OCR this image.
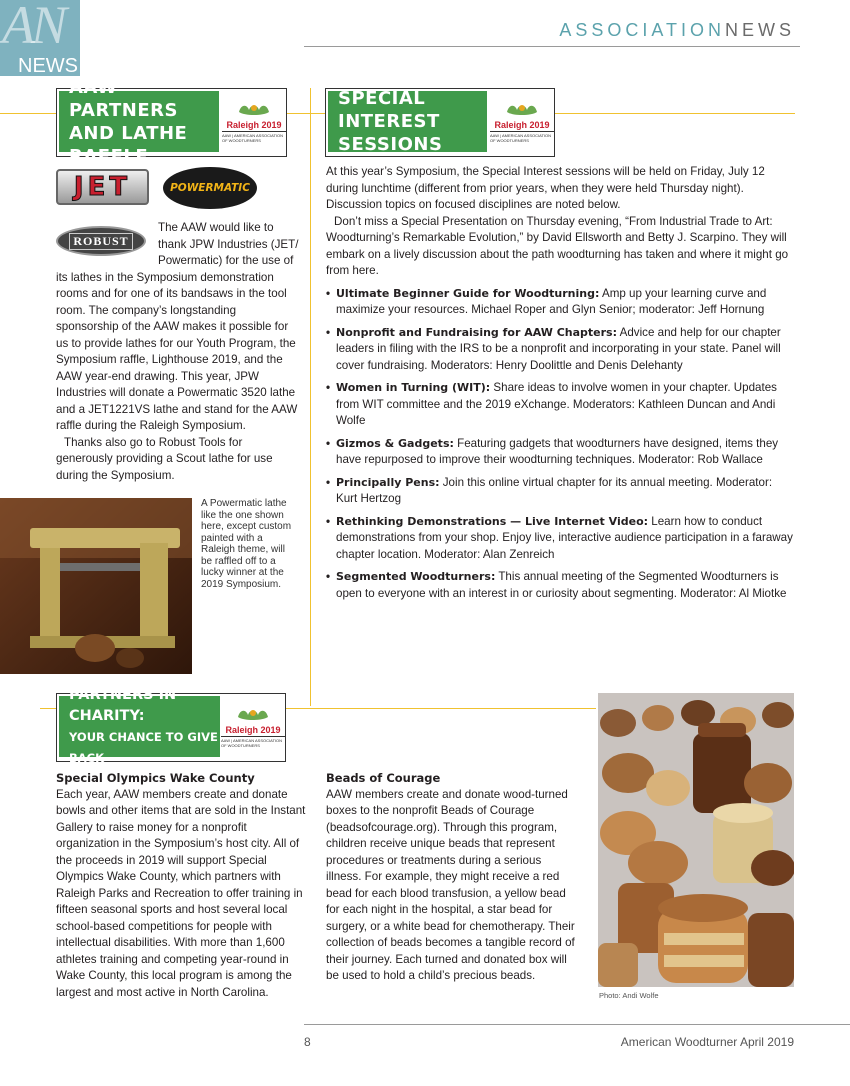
AN
NEWS
ASSOCIATIONNEWS
AAW PARTNERS
AND LATHE RAFFLE
Raleigh 2019
AAW | AMERICAN ASSOCIATION OF WOODTURNERS
JET	POWERMATIC
ROBUST

The AAW would like to thank JPW Industries (JET/ Powermatic) for the use of its lathes in the Symposium demonstration rooms and for one of its bandsaws in the tool room. The company’s longstanding sponsorship of the AAW makes it possible for us to provide lathes for our Youth Program, the Symposium raffle, Lighthouse 2019, and the AAW year-end drawing. This year, JPW Industries will donate a Powermatic 3520 lathe and a JET1221VS lathe and stand for the AAW raffle during the Raleigh Symposium.

Thanks also go to Robust Tools for generously providing a Scout lathe for use during the Symposium.

A Powermatic lathe like the one shown here, except custom painted with a Raleigh theme, will be raffled off to a lucky winner at the 2019 Symposium.
SPECIAL INTEREST
SESSIONS
Raleigh 2019
AAW | AMERICAN ASSOCIATION OF WOODTURNERS

At this year’s Symposium, the Special Interest sessions will be held on Friday, July 12 during lunchtime (different from prior years, when they were held Thursday night). Discussion topics on focused disciplines are noted below.

Don’t miss a Special Presentation on Thursday evening, “From Industrial Trade to Art: Woodturning’s Remarkable Evolution,” by David Ellsworth and Betty J. Scarpino. They will embark on a lively discussion about the path woodturning has taken and where it might go from here.

• Ultimate Beginner Guide for Woodturning: Amp up your learning curve and maximize your resources. Michael Roper and Glyn Senior; moderator: Jeff Hornung
• Nonprofit and Fundraising for AAW Chapters: Advice and help for our chapter leaders in filing with the IRS to be a nonprofit and incorporating in your state. Panel will cover fundraising. Moderators: Henry Doolittle and Denis Delehanty
• Women in Turning (WIT): Share ideas to involve women in your chapter. Updates from WIT committee and the 2019 eXchange. Moderators: Kathleen Duncan and Andi Wolfe
• Gizmos & Gadgets: Featuring gadgets that woodturners have designed, items they have repurposed to improve their woodturning techniques. Moderator: Rob Wallace
• Principally Pens: Join this online virtual chapter for its annual meeting. Moderator: Kurt Hertzog
• Rethinking Demonstrations — Live Internet Video: Learn how to conduct demonstrations from your shop. Enjoy live, interactive audience participation in a faraway chapter location. Moderator: Alan Zenreich
• Segmented Woodturners: This annual meeting of the Segmented Woodturners is open to everyone with an interest in or curiosity about segmenting. Moderator: Al Miotke
PARTNERS IN CHARITY:
YOUR CHANCE TO GIVE BACK
Raleigh 2019
AAW | AMERICAN ASSOCIATION OF WOODTURNERS
Special Olympics Wake County

Each year, AAW members create and donate bowls and other items that are sold in the Instant Gallery to raise money for a nonprofit organization in the Symposium’s host city. All of the proceeds in 2019 will support Special Olympics Wake County, which partners with Raleigh Parks and Recreation to offer training in fifteen seasonal sports and host several local school-based competitions for people with intellectual disabilities. With more than 1,600 athletes training and competing year-round in Wake County, this local program is among the largest and most active in North Carolina.

Beads of Courage

AAW members create and donate wood-turned boxes to the nonprofit Beads of Courage (beadsofcourage.org). Through this program, children receive unique beads that represent procedures or treatments during a serious illness. For example, they might receive a red bead for each blood transfusion, a yellow bead for each night in the hospital, a star bead for surgery, or a white bead for chemotherapy. Their collection of beads becomes a tangible record of their journey. Each turned and donated box will be used to hold a child’s precious beads.

Photo: Andi Wolfe
8	American Woodturner April 2019
